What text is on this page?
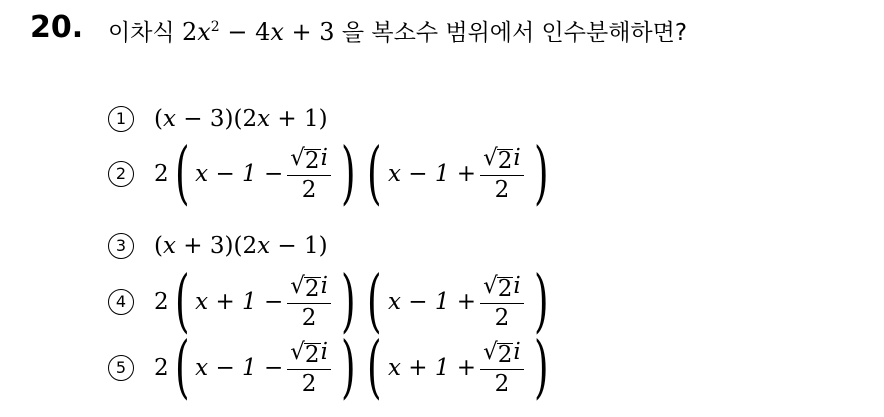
20. 이차식 $2x^2 - 4x + 3$ 을 복소수 범위에서 인수분해하면?
1	(x − 3)(2x + 1)
2	2 ( $x - 1 - \frac{√ 2 i}{2}$ ) ( $x - 1 + \frac{√ 2 i}{2}$ )
3	(x + 3)(2x − 1)
4	2 ( $x + 1 - \frac{√ 2 i}{2}$ ) ( $x - 1 + \frac{√ 2 i}{2}$ )
5	2 ( $x - 1 - \frac{√ 2 i}{2}$ ) ( $x + 1 + \frac{√ 2 i}{2}$ )
